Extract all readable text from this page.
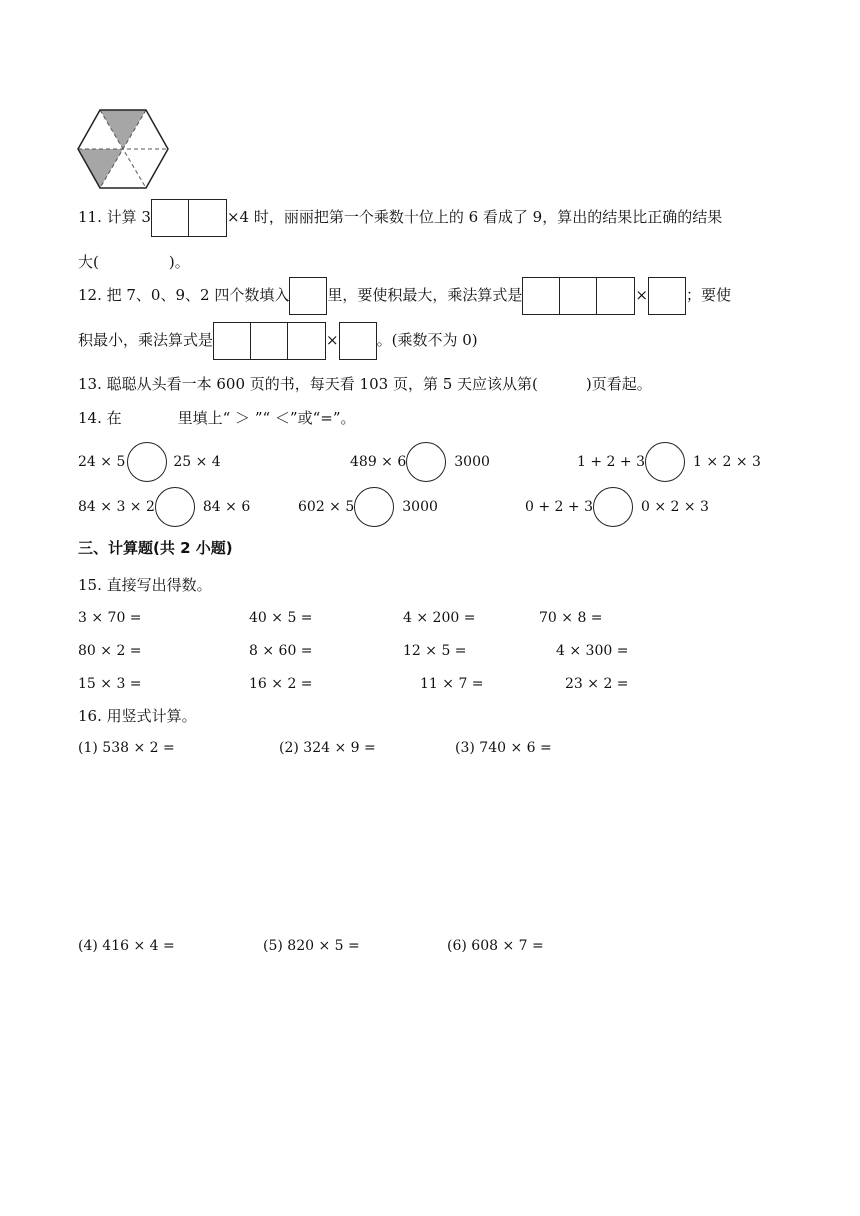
11. 计算 3	×4 时，丽丽把第一个乘数十位上的 6 看成了 9，算出的结果比正确的结果
大(	)。
12. 把 7、0、9、2 四个数填入	里，要使积最大，乘法算式是	×	；要使
积最小，乘法算式是	×	。(乘数不为 0)
13. 聪聪从头看一本 600 页的书，每天看 103 页，第 5 天应该从第(	)页看起。
14. 在	里填上“ ＞ ”“ ＜”或“=”。
24 × 5	25 × 4	489 × 6	3000	1 + 2 + 3	1 × 2 × 3
84 × 3 × 2	84 × 6	602 × 5	3000	0 + 2 + 3	0 × 2 × 3
三、计算题(共 2 小题)
15. 直接写出得数。
3 × 70 =	40 × 5 =	4 × 200 =	70 × 8 =
80 × 2 =	8 × 60 =	12 × 5 =	4 × 300 =
15 × 3 =	16 × 2 =	11 × 7 =	23 × 2 =
16. 用竖式计算。
(1) 538 × 2 =	(2) 324 × 9 =	(3) 740 × 6 =
(4) 416 × 4 =	(5) 820 × 5 =	(6) 608 × 7 =
